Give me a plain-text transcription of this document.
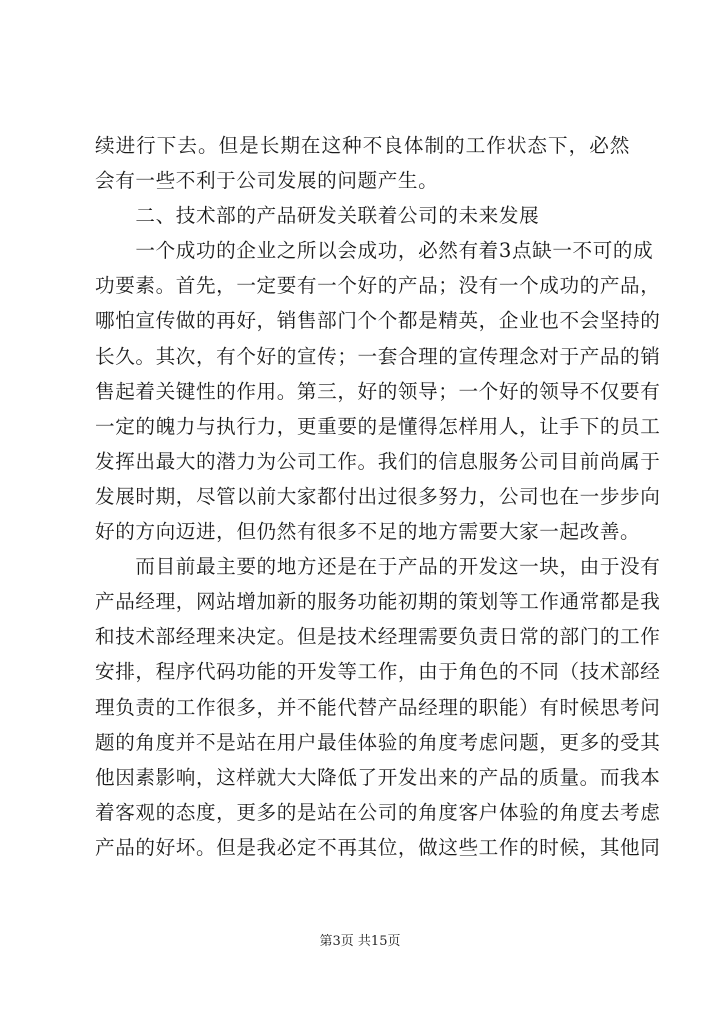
续进行下去。但是长期在这种不良体制的工作状态下，必然
会有一些不利于公司发展的问题产生。
　　二、技术部的产品研发关联着公司的未来发展
　　一个成功的企业之所以会成功，必然有着3点缺一不可的成
功要素。首先，一定要有一个好的产品；没有一个成功的产品，
哪怕宣传做的再好，销售部门个个都是精英，企业也不会坚持的
长久。其次，有个好的宣传；一套合理的宣传理念对于产品的销
售起着关键性的作用。第三，好的领导；一个好的领导不仅要有
一定的魄力与执行力，更重要的是懂得怎样用人，让手下的员工
发挥出最大的潜力为公司工作。我们的信息服务公司目前尚属于
发展时期，尽管以前大家都付出过很多努力，公司也在一步步向
好的方向迈进，但仍然有很多不足的地方需要大家一起改善。
　　而目前最主要的地方还是在于产品的开发这一块，由于没有
产品经理，网站增加新的服务功能初期的策划等工作通常都是我
和技术部经理来决定。但是技术经理需要负责日常的部门的工作
安排，程序代码功能的开发等工作，由于角色的不同（技术部经
理负责的工作很多，并不能代替产品经理的职能）有时候思考问
题的角度并不是站在用户最佳体验的角度考虑问题，更多的受其
他因素影响，这样就大大降低了开发出来的产品的质量。而我本
着客观的态度，更多的是站在公司的角度客户体验的角度去考虑
产品的好坏。但是我必定不再其位，做这些工作的时候，其他同
第3页 共15页
